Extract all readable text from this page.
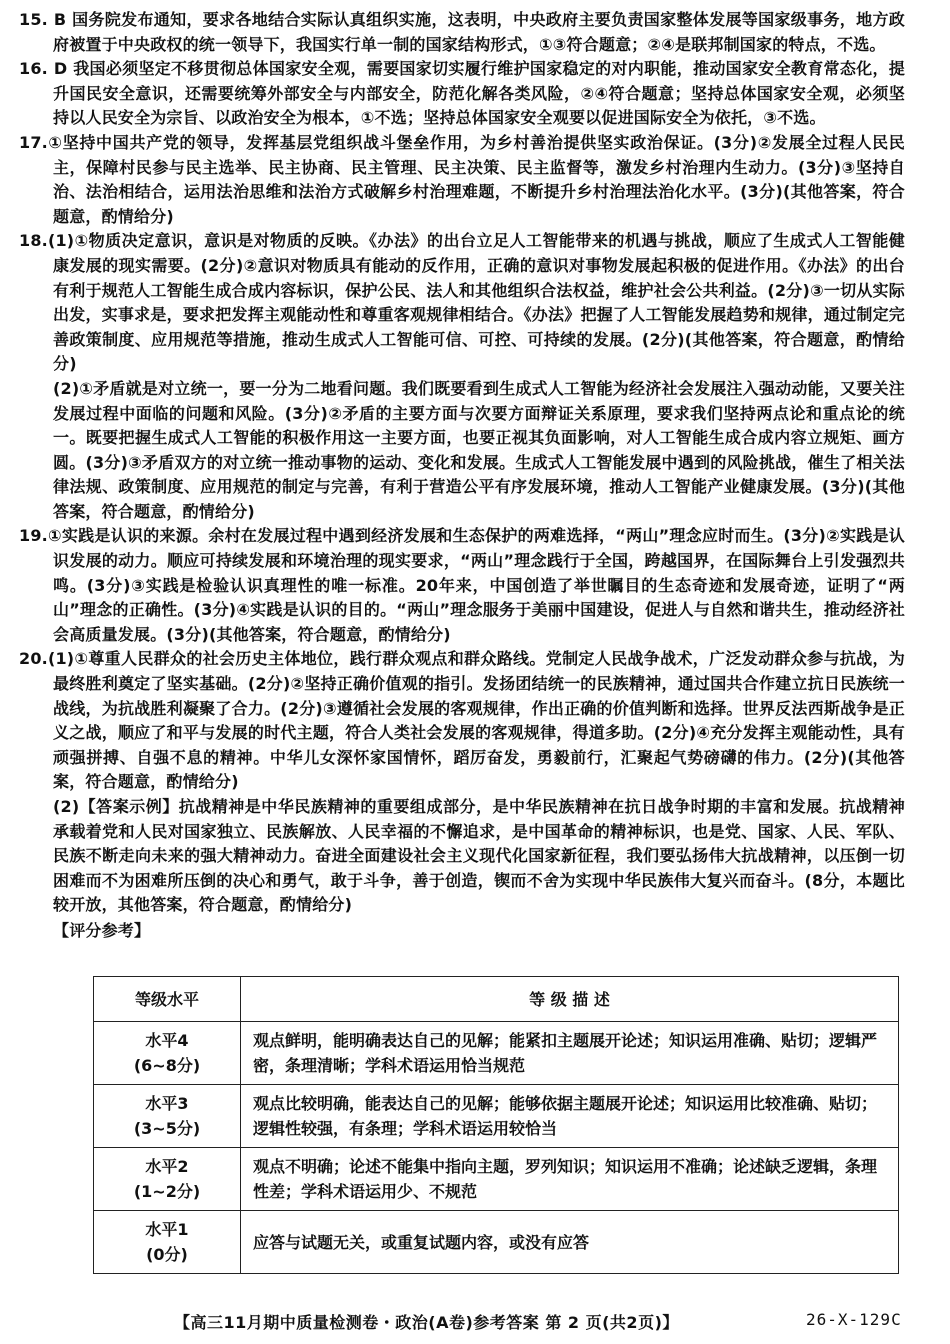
15. B 国务院发布通知，要求各地结合实际认真组织实施，这表明，中央政府主要负责国家整体发展等国家级事务，地方政府被置于中央政权的统一领导下，我国实行单一制的国家结构形式，①③符合题意；②④是联邦制国家的特点，不选。

16. D 我国必须坚定不移贯彻总体国家安全观，需要国家切实履行维护国家稳定的对内职能，推动国家安全教育常态化，提升国民安全意识，还需要统筹外部安全与内部安全，防范化解各类风险，②④符合题意；坚持总体国家安全观，必须坚持以人民安全为宗旨、以政治安全为根本，①不选；坚持总体国家安全观要以促进国际安全为依托，③不选。

17.①坚持中国共产党的领导，发挥基层党组织战斗堡垒作用，为乡村善治提供坚实政治保证。(3分)②发展全过程人民民主，保障村民参与民主选举、民主协商、民主管理、民主决策、民主监督等，激发乡村治理内生动力。(3分)③坚持自治、法治相结合，运用法治思维和法治方式破解乡村治理难题，不断提升乡村治理法治化水平。(3分)(其他答案，符合题意，酌情给分)

18.(1)①物质决定意识，意识是对物质的反映。《办法》的出台立足人工智能带来的机遇与挑战，顺应了生成式人工智能健康发展的现实需要。(2分)②意识对物质具有能动的反作用，正确的意识对事物发展起积极的促进作用。《办法》的出台有利于规范人工智能生成合成内容标识，保护公民、法人和其他组织合法权益，维护社会公共利益。(2分)③一切从实际出发，实事求是，要求把发挥主观能动性和尊重客观规律相结合。《办法》把握了人工智能发展趋势和规律，通过制定完善政策制度、应用规范等措施，推动生成式人工智能可信、可控、可持续的发展。(2分)(其他答案，符合题意，酌情给分)

(2)①矛盾就是对立统一，要一分为二地看问题。我们既要看到生成式人工智能为经济社会发展注入强动动能，又要关注发展过程中面临的问题和风险。(3分)②矛盾的主要方面与次要方面辩证关系原理，要求我们坚持两点论和重点论的统一。既要把握生成式人工智能的积极作用这一主要方面，也要正视其负面影响，对人工智能生成合成内容立规矩、画方圆。(3分)③矛盾双方的对立统一推动事物的运动、变化和发展。生成式人工智能发展中遇到的风险挑战，催生了相关法律法规、政策制度、应用规范的制定与完善，有利于营造公平有序发展环境，推动人工智能产业健康发展。(3分)(其他答案，符合题意，酌情给分)

19.①实践是认识的来源。余村在发展过程中遇到经济发展和生态保护的两难选择，“两山”理念应时而生。(3分)②实践是认识发展的动力。顺应可持续发展和环境治理的现实要求，“两山”理念践行于全国，跨越国界，在国际舞台上引发强烈共鸣。(3分)③实践是检验认识真理性的唯一标准。20年来，中国创造了举世瞩目的生态奇迹和发展奇迹，证明了“两山”理念的正确性。(3分)④实践是认识的目的。“两山”理念服务于美丽中国建设，促进人与自然和谐共生，推动经济社会高质量发展。(3分)(其他答案，符合题意，酌情给分)

20.(1)①尊重人民群众的社会历史主体地位，践行群众观点和群众路线。党制定人民战争战术，广泛发动群众参与抗战，为最终胜利奠定了坚实基础。(2分)②坚持正确价值观的指引。发扬团结统一的民族精神，通过国共合作建立抗日民族统一战线，为抗战胜利凝聚了合力。(2分)③遵循社会发展的客观规律，作出正确的价值判断和选择。世界反法西斯战争是正义之战，顺应了和平与发展的时代主题，符合人类社会发展的客观规律，得道多助。(2分)④充分发挥主观能动性，具有顽强拼搏、自强不息的精神。中华儿女深怀家国情怀，蹈厉奋发，勇毅前行，汇聚起气势磅礴的伟力。(2分)(其他答案，符合题意，酌情给分)

(2)【答案示例】抗战精神是中华民族精神的重要组成部分，是中华民族精神在抗日战争时期的丰富和发展。抗战精神承载着党和人民对国家独立、民族解放、人民幸福的不懈追求，是中国革命的精神标识，也是党、国家、人民、军队、民族不断走向未来的强大精神动力。奋进全面建设社会主义现代化国家新征程，我们要弘扬伟大抗战精神，以压倒一切困难而不为困难所压倒的决心和勇气，敢于斗争，善于创造，锲而不舍为实现中华民族伟大复兴而奋斗。(8分，本题比较开放，其他答案，符合题意，酌情给分)

【评分参考】
等级水平	等 级 描 述

水平4
(6~8分)	观点鲜明，能明确表达自己的见解；能紧扣主题展开论述；知识运用准确、贴切；逻辑严密，条理清晰；学科术语运用恰当规范

水平3
(3~5分)	观点比较明确，能表达自己的见解；能够依据主题展开论述；知识运用比较准确、贴切；逻辑性较强，有条理；学科术语运用较恰当

水平2
(1~2分)	观点不明确；论述不能集中指向主题，罗列知识；知识运用不准确；论述缺乏逻辑，条理性差；学科术语运用少、不规范

水平1
(0分)	应答与试题无关，或重复试题内容，或没有应答
【高三11月期中质量检测卷・政治(A卷)参考答案 第 2 页(共2页)】	26-X-129C
